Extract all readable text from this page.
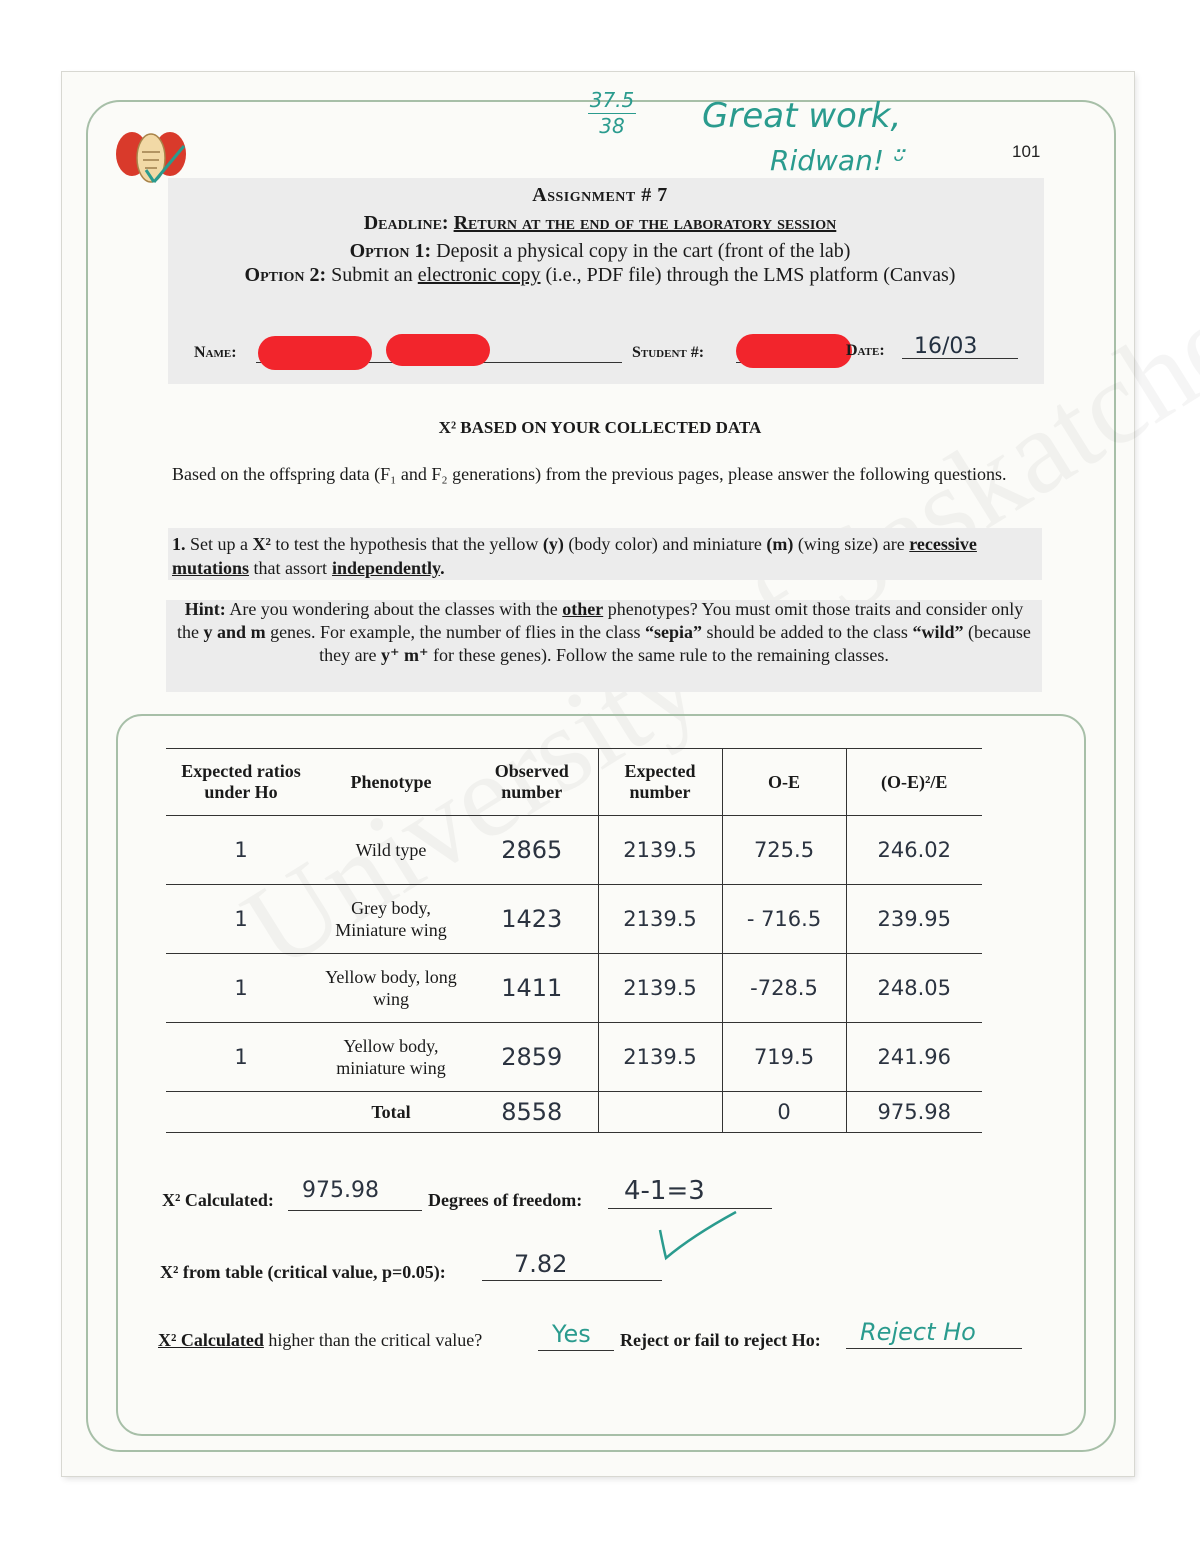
101
37.5
38	Great work,
Ridwan! ᵕ̈
Assignment # 7
Deadline: Return at the end of the laboratory session
Option 1: Deposit a physical copy in the cart (front of the lab)
Option 2: Submit an electronic copy (i.e., PDF file) through the LMS platform (Canvas)
Name:	Student #:	Date: 16/03
X² BASED ON YOUR COLLECTED DATA
Based on the offspring data (F₁ and F₂ generations) from the previous pages, please answer the following questions.
1. Set up a X² to test the hypothesis that the yellow (y) (body color) and miniature (m) (wing size) are recessive mutations that assort independently.
Hint: Are you wondering about the classes with the other phenotypes? You must omit those traits and consider only the y and m genes. For example, the number of flies in the class “sepia” should be added to the class “wild” (because they are y⁺ m⁺ for these genes). Follow the same rule to the remaining classes.
Expected ratios under Ho	Phenotype	Observed number	Expected number	O-E	(O-E)²/E
1	Wild type	2865	2139.5	725.5	246.02
1	Grey body, Miniature wing	1423	2139.5	- 716.5	239.95
1	Yellow body, long wing	1411	2139.5	-728.5	248.05
1	Yellow body, miniature wing	2859	2139.5	719.5	241.96
	Total	8558		0	975.98
X² Calculated: 975.98	Degrees of freedom: 4-1=3
X² from table (critical value, p=0.05):	7.82
X² Calculated higher than the critical value?	Yes Reject or fail to reject Ho: Reject Ho
